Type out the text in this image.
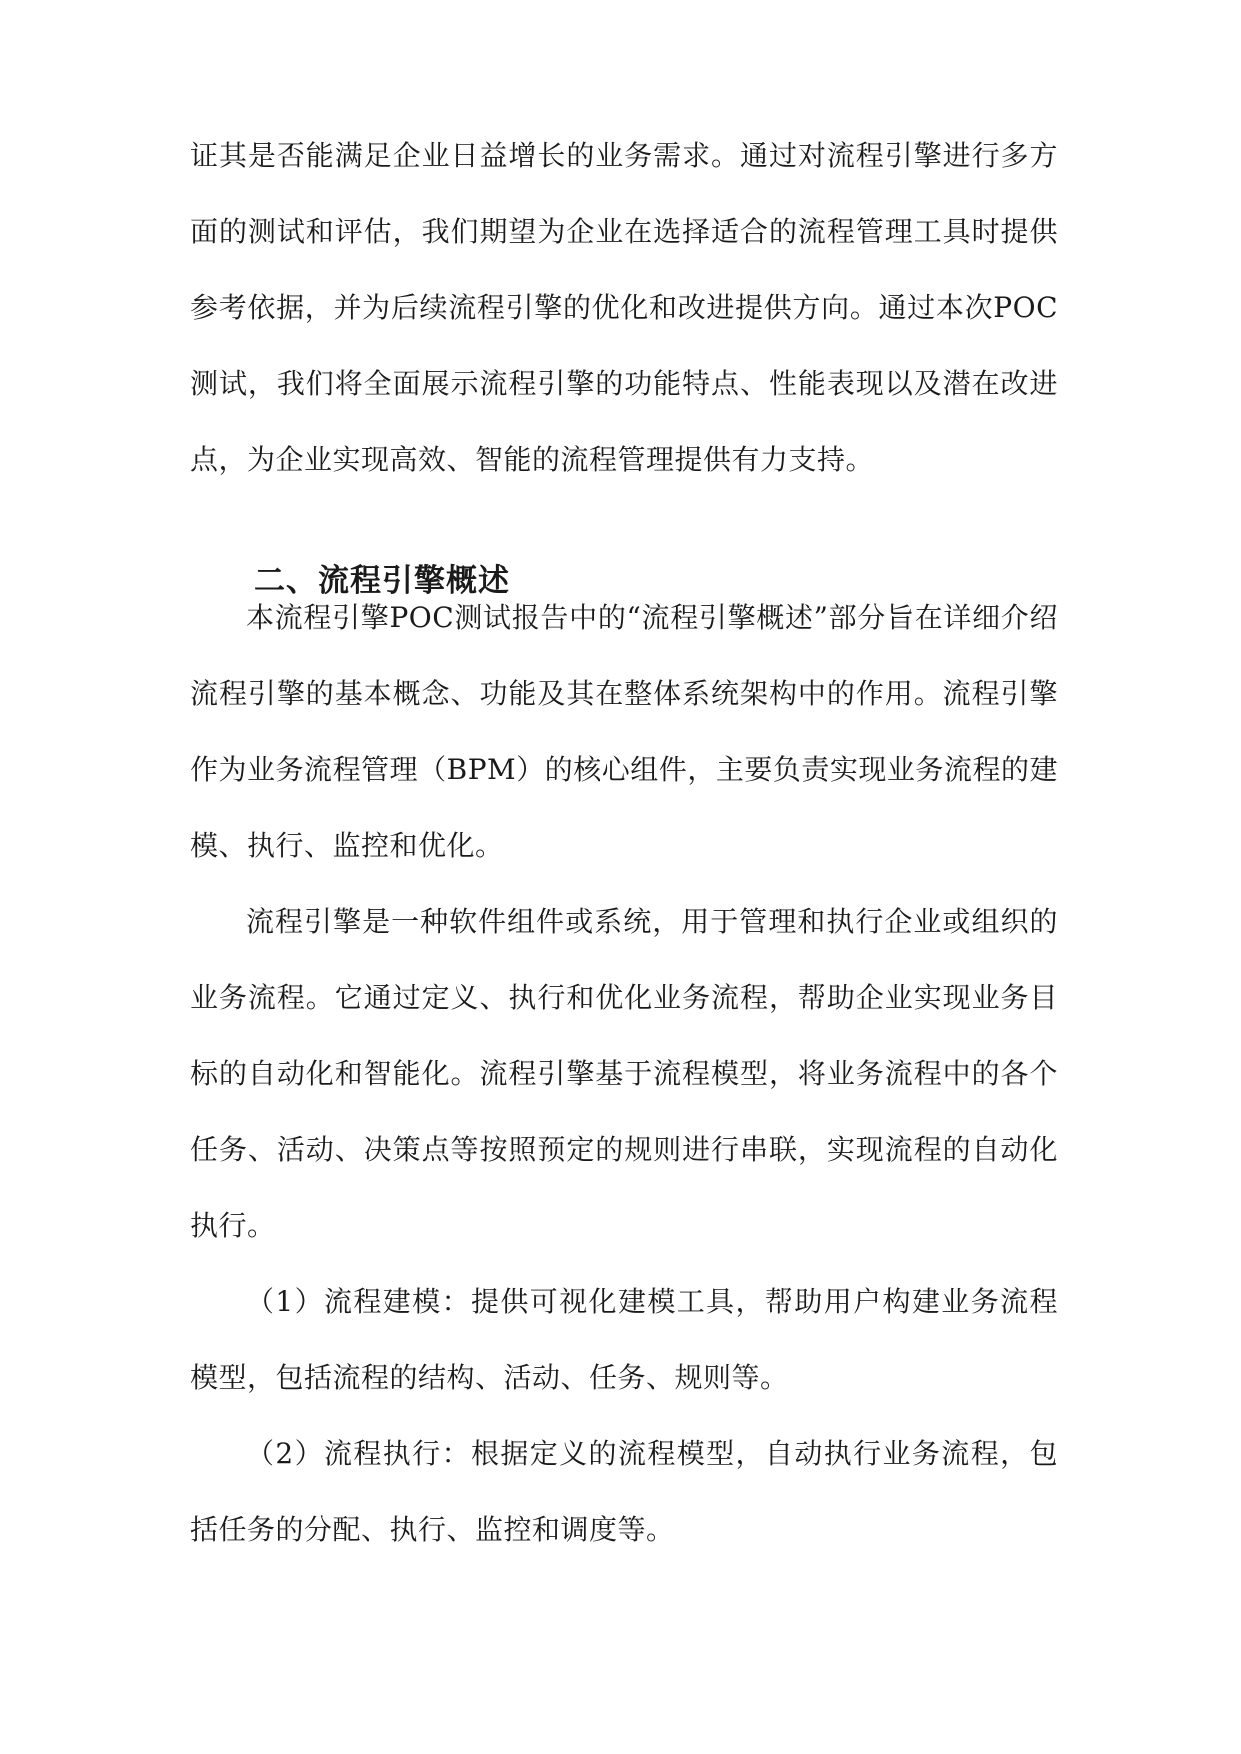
证其是否能满足企业日益增长的业务需求。通过对流程引擎进行多方面的测试和评估，我们期望为企业在选择适合的流程管理工具时提供参考依据，并为后续流程引擎的优化和改进提供方向。通过本次POC测试，我们将全面展示流程引擎的功能特点、性能表现以及潜在改进点，为企业实现高效、智能的流程管理提供有力支持。

二、流程引擎概述

本流程引擎POC测试报告中的“流程引擎概述”部分旨在详细介绍流程引擎的基本概念、功能及其在整体系统架构中的作用。流程引擎作为业务流程管理（BPM）的核心组件，主要负责实现业务流程的建模、执行、监控和优化。

流程引擎是一种软件组件或系统，用于管理和执行企业或组织的业务流程。它通过定义、执行和优化业务流程，帮助企业实现业务目标的自动化和智能化。流程引擎基于流程模型，将业务流程中的各个任务、活动、决策点等按照预定的规则进行串联，实现流程的自动化执行。

（1）流程建模：提供可视化建模工具，帮助用户构建业务流程模型，包括流程的结构、活动、任务、规则等。

（2）流程执行：根据定义的流程模型，自动执行业务流程，包括任务的分配、执行、监控和调度等。
